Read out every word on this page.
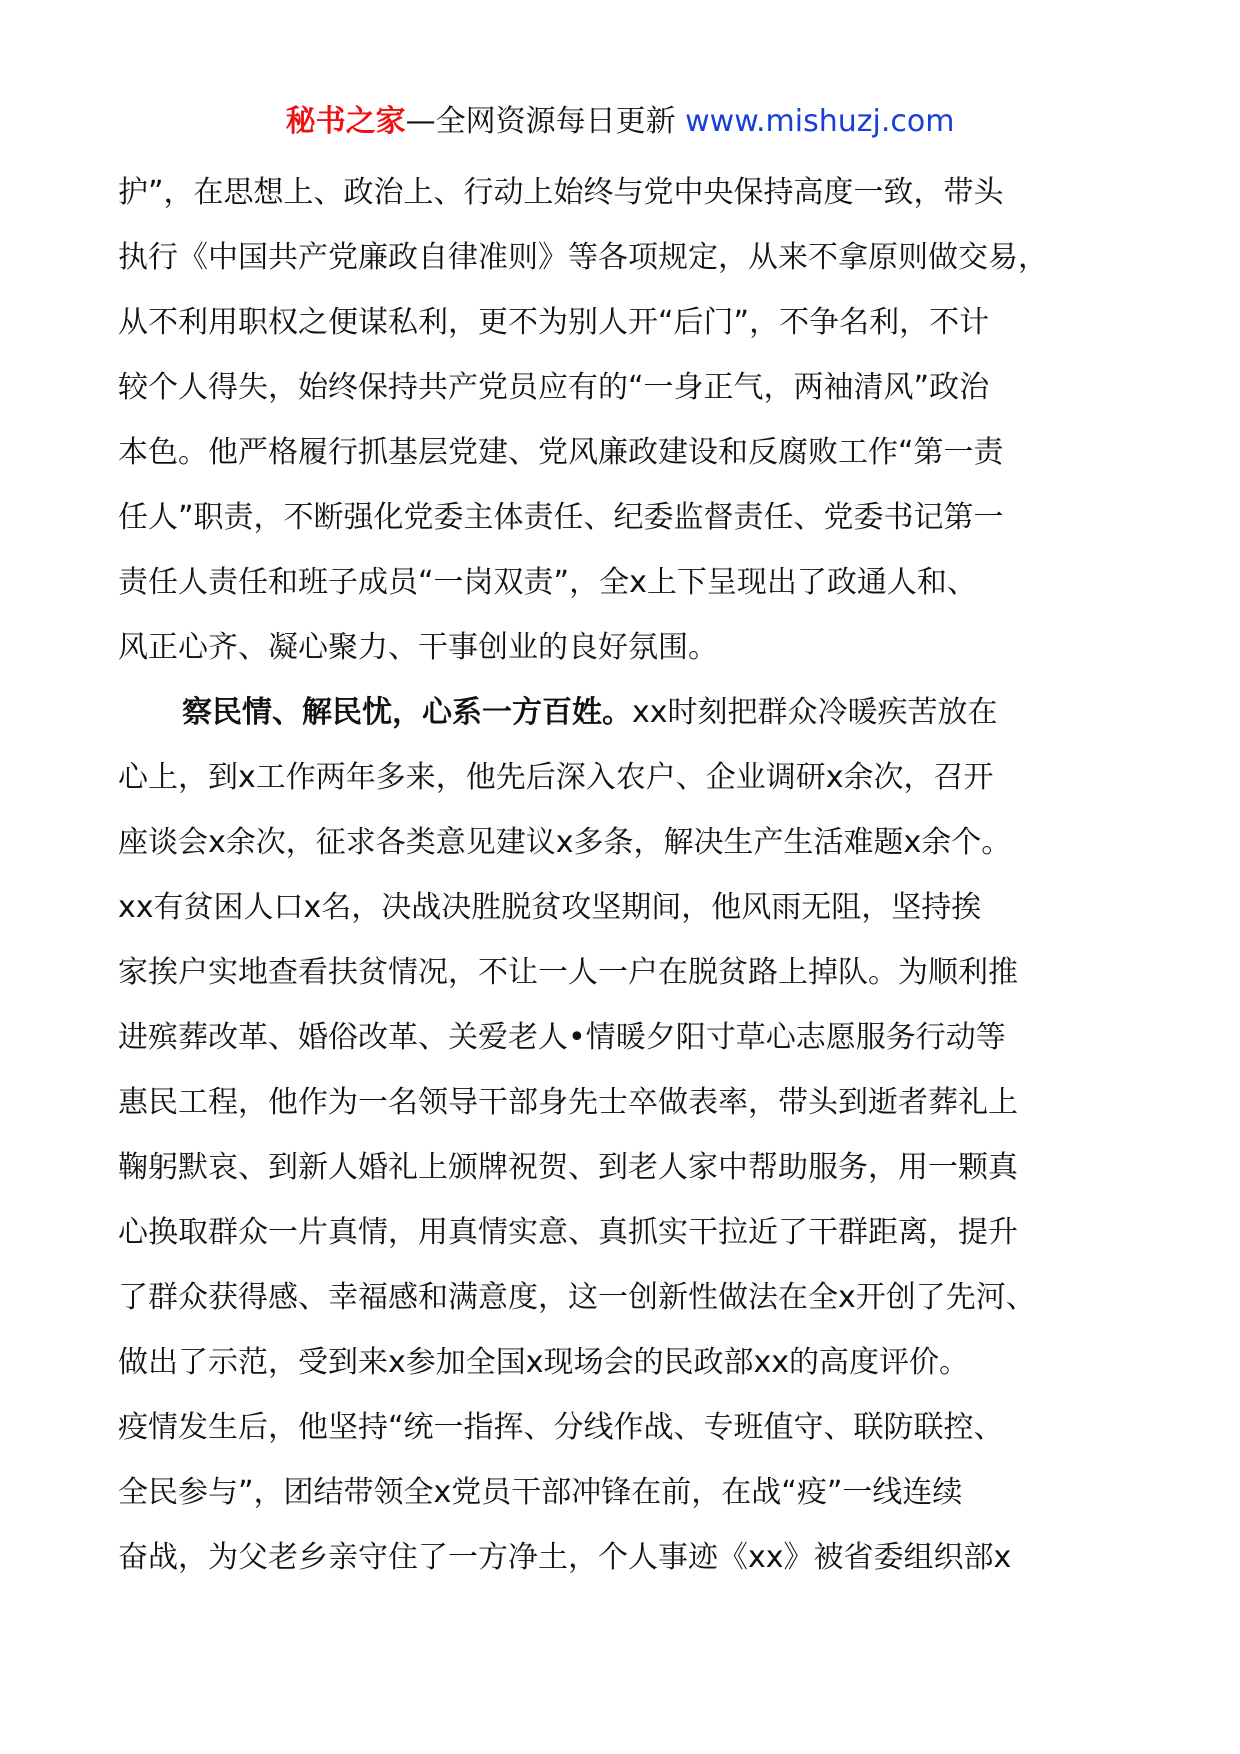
秘书之家—全网资源每日更新 www.mishuzj.com
护”，在思想上、政治上、行动上始终与党中央保持高度一致，带头
执行《中国共产党廉政自律准则》等各项规定，从来不拿原则做交易，
从不利用职权之便谋私利，更不为别人开“后门”，不争名利，不计
较个人得失，始终保持共产党员应有的“一身正气，两袖清风”政治
本色。他严格履行抓基层党建、党风廉政建设和反腐败工作“第一责
任人”职责，不断强化党委主体责任、纪委监督责任、党委书记第一
责任人责任和班子成员“一岗双责”，全x上下呈现出了政通人和、
风正心齐、凝心聚力、干事创业的良好氛围。
察民情、解民忧，心系一方百姓。xx时刻把群众冷暖疾苦放在
心上，到x工作两年多来，他先后深入农户、企业调研x余次，召开
座谈会x余次，征求各类意见建议x多条，解决生产生活难题x余个。
xx有贫困人口x名，决战决胜脱贫攻坚期间，他风雨无阻，坚持挨
家挨户实地查看扶贫情况，不让一人一户在脱贫路上掉队。为顺利推
进殡葬改革、婚俗改革、关爱老人•情暖夕阳寸草心志愿服务行动等
惠民工程，他作为一名领导干部身先士卒做表率，带头到逝者葬礼上
鞠躬默哀、到新人婚礼上颁牌祝贺、到老人家中帮助服务，用一颗真
心换取群众一片真情，用真情实意、真抓实干拉近了干群距离，提升
了群众获得感、幸福感和满意度，这一创新性做法在全x开创了先河、
做出了示范，受到来x参加全国x现场会的民政部xx的高度评价。
疫情发生后，他坚持“统一指挥、分线作战、专班值守、联防联控、
全民参与”，团结带领全x党员干部冲锋在前，在战“疫”一线连续
奋战，为父老乡亲守住了一方净土，个人事迹《xx》被省委组织部x
